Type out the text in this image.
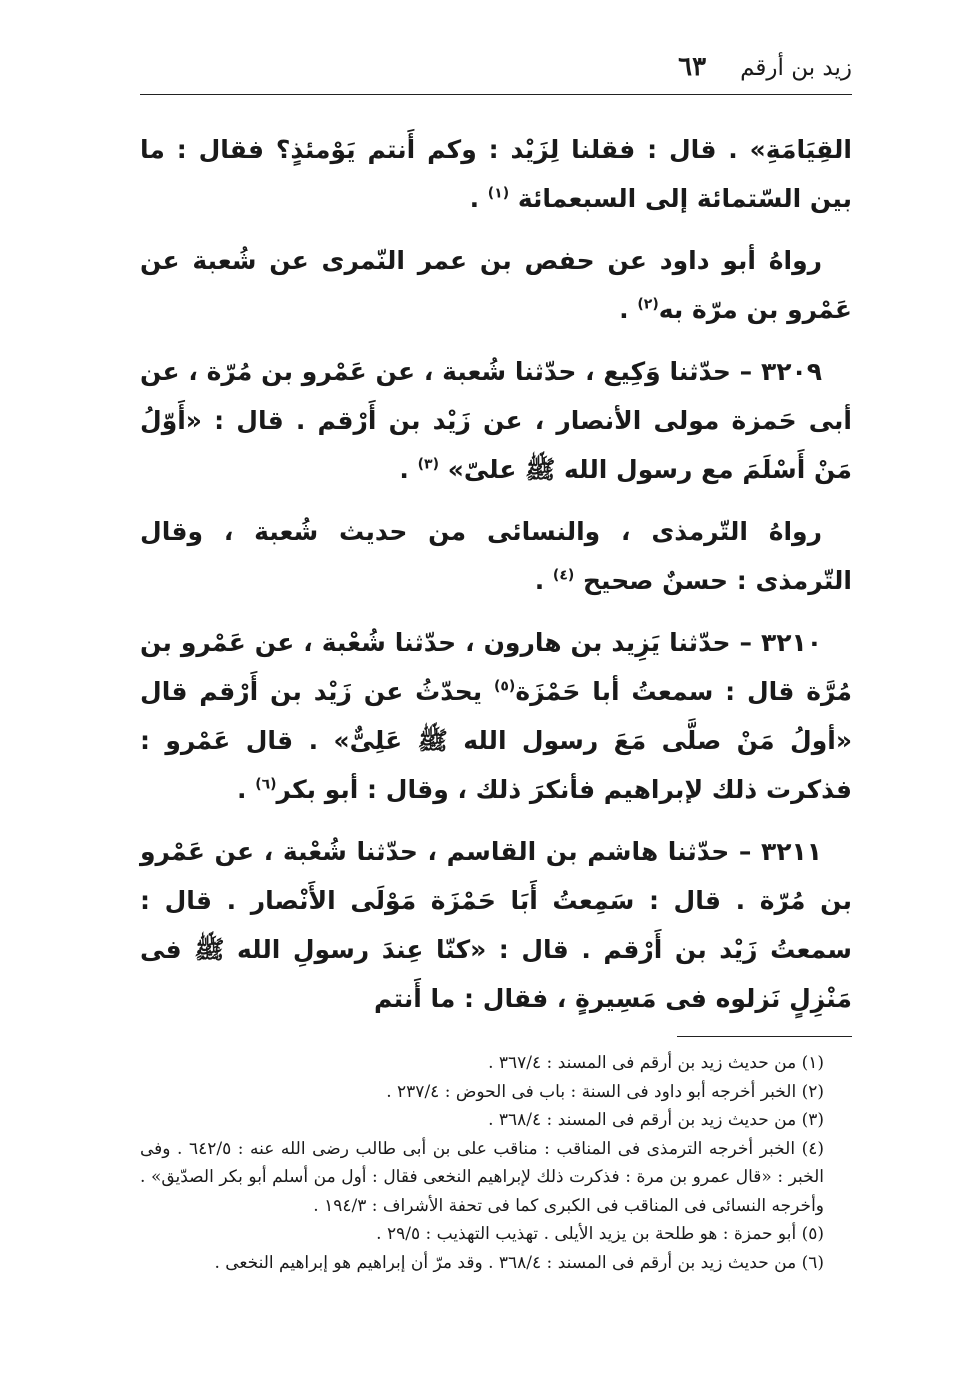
زيد بن أرقم
٦٣

القِيَامَةِ» . قال : فقلنا لِزَيْد : وكم أَنتم يَوْمئذٍ؟ فقال : ما بين السّتمائة إلى السبعمائة $^{(١)}$ .

رواهُ أبو داود عن حفص بن عمر النّمرى عن شُعبة عن عَمْرو بن مرّة به$^{(٢)}$ .

٣٢٠٩ – حدّثنا وَكِيع ، حدّثنا شُعبة ، عن عَمْرو بن مُرّة ، عن أبى حَمزة مولى الأنصار ، عن زَيْد بن أَرْقم . قال : «أَوّلُ مَنْ أَسْلَمَ مع رسول الله ﷺ علىّ» $^{(٣)}$ .

رواهُ التّرمذى ، والنسائى من حديث شُعبة ، وقال التّرمذى : حسنٌ صحيح $^{(٤)}$ .

٣٢١٠ – حدّثنا يَزِيد بن هارون ، حدّثنا شُعْبة ، عن عَمْرو بن مُرَّة قال : سمعتُ أبا حَمْزَة$^{(٥)}$ يحدّثُ عن زَيْد بن أَرْقم قال «أولُ مَنْ صلَّى مَعَ رسول الله ﷺ عَلِىٌّ» . قال عَمْرو : فذكرت ذلك لإبراهيم فأنكرَ ذلك ، وقال : أبو بكر$^{(٦)}$ .

٣٢١١ – حدّثنا هاشم بن القاسم ، حدّثنا شُعْبة ، عن عَمْرو بن مُرّة . قال : سَمِعتُ أَبَا حَمْزَة مَوْلَى الأَنْصار . قال : سمعتُ زَيْد بن أَرْقم . قال : «كنّا عِندَ رسولِ الله ﷺ فى مَنْزِلٍ نَزلوه فى مَسِيرةٍ ، فقال : ما أَنتم

(١) من حديث زيد بن أرقم فى المسند : ٣٦٧/٤ .

(٢) الخبر أخرجه أبو داود فى السنة : باب فى الحوض : ٢٣٧/٤ .

(٣) من حديث زيد بن أرقم فى المسند : ٣٦٨/٤ .

(٤) الخبر أخرجه الترمذى فى المناقب : مناقب على بن أبى طالب رضى الله عنه : ٦٤٢/٥ . وفى الخبر : «قال عمرو بن مرة : فذكرت ذلك لإبراهيم النخعى فقال : أول من أسلم أبو بكر الصدّيق» . وأخرجه النسائى فى المناقب فى الكبرى كما فى تحفة الأشراف : ١٩٤/٣ .

(٥) أبو حمزة : هو طلحة بن يزيد الأيلى . تهذيب التهذيب : ٢٩/٥ .

(٦) من حديث زيد بن أرقم فى المسند : ٣٦٨/٤ . وقد مرّ أن إبراهيم هو إبراهيم النخعى .
